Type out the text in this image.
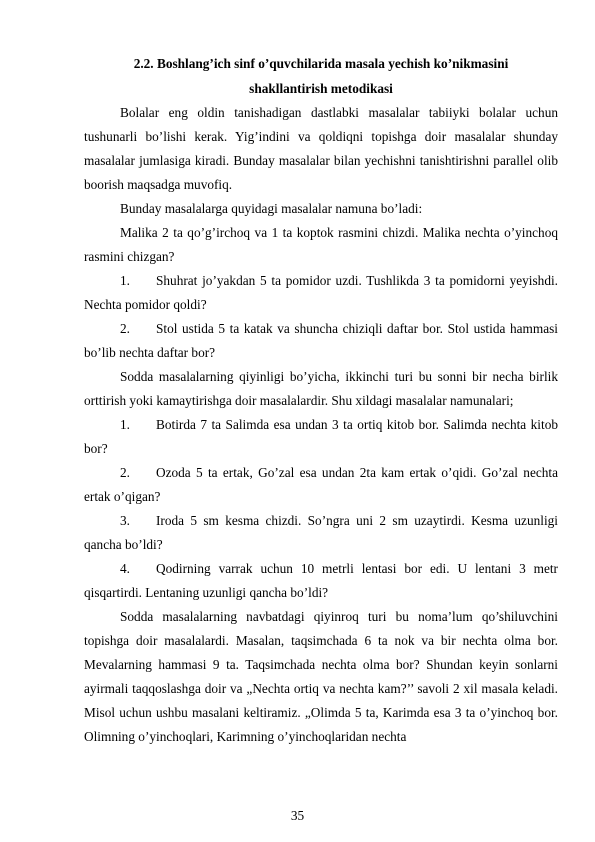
2.2. Boshlang’ich sinf o’quvchilarida masala yechish ko’nikmasini
shakllantirish metodikasi

Bolalar eng oldin tanishadigan dastlabki masalalar tabiiyki bolalar uchun tushunarli bo’lishi kerak. Yig’indini va qoldiqni topishga doir masalalar shunday masalalar jumlasiga kiradi. Bunday masalalar bilan yechishni tanishtirishni parallel olib boorish maqsadga muvofiq.

Bunday masalalarga quyidagi masalalar namuna bo’ladi:

Malika 2 ta qo’g’irchoq va 1 ta koptok rasmini chizdi. Malika nechta o’yinchoq rasmini chizgan?

1. Shuhrat jo’yakdan 5 ta pomidor uzdi. Tushlikda 3 ta pomidorni yeyishdi. Nechta pomidor qoldi?

2. Stol ustida 5 ta katak va shuncha chiziqli daftar bor. Stol ustida hammasi bo’lib nechta daftar bor?

Sodda masalalarning qiyinligi bo’yicha, ikkinchi turi bu sonni bir necha birlik orttirish yoki kamaytirishga doir masalalardir. Shu xildagi masalalar namunalari;

1. Botirda 7 ta Salimda esa undan 3 ta ortiq kitob bor. Salimda nechta kitob bor?

2. Ozoda 5 ta ertak, Go’zal esa undan 2ta kam ertak o’qidi. Go’zal nechta ertak o’qigan?

3. Iroda 5 sm kesma chizdi. So’ngra uni 2 sm uzaytirdi. Kesma uzunligi qancha bo’ldi?

4. Qodirning varrak uchun 10 metrli lentasi bor edi. U lentani 3 metr qisqartirdi. Lentaning uzunligi qancha bo’ldi?

Sodda masalalarning navbatdagi qiyinroq turi bu noma’lum qo’shiluvchini topishga doir masalalardi. Masalan, taqsimchada 6 ta nok va bir nechta olma bor. Mevalarning hammasi 9 ta. Taqsimchada nechta olma bor? Shundan keyin sonlarni ayirmali taqqoslashga doir va „Nechta ortiq va nechta kam?’’ savoli 2 xil masala keladi. Misol uchun ushbu masalani keltiramiz. „Olimda 5 ta, Karimda esa 3 ta o’yinchoq bor. Olimning o’yinchoqlari, Karimning o’yinchoqlaridan nechta

35
